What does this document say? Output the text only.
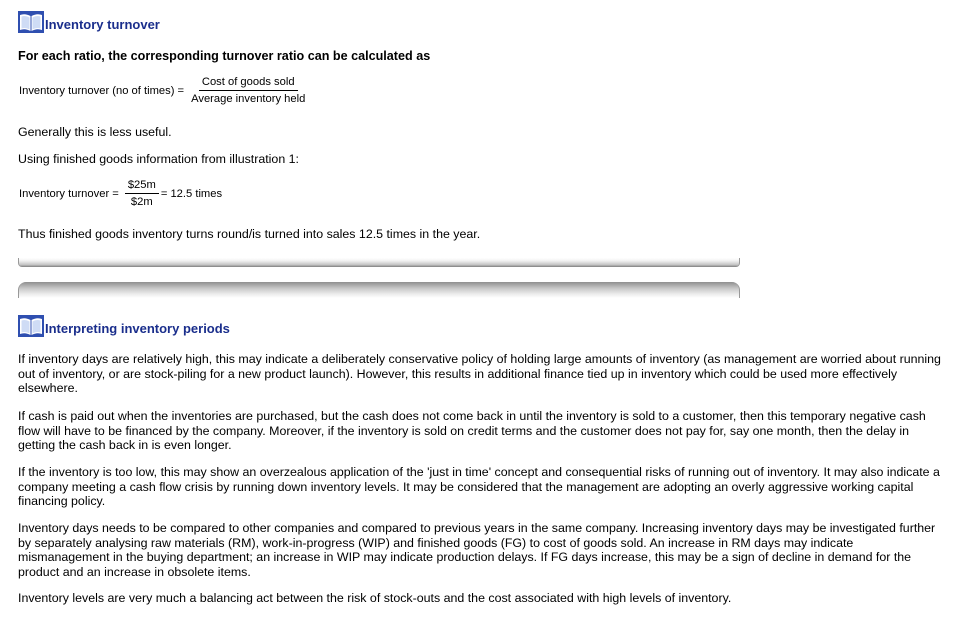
Inventory turnover

For each ratio, the corresponding turnover ratio can be calculated as

Inventory turnover (no of times) = $\frac{\text{Cost of goods sold}}{\text{Average inventory held}}$

Generally this is less useful.

Using finished goods information from illustration 1:

Inventory turnover = $\frac{\$25m}{\$2m} = 12.5$ times

Thus finished goods inventory turns round/is turned into sales 12.5 times in the year.

Interpreting inventory periods

If inventory days are relatively high, this may indicate a deliberately conservative policy of holding large amounts of inventory (as management are worried about running out of inventory, or are stock-piling for a new product launch). However, this results in additional finance tied up in inventory which could be used more effectively elsewhere.

If cash is paid out when the inventories are purchased, but the cash does not come back in until the inventory is sold to a customer, then this temporary negative cash flow will have to be financed by the company. Moreover, if the inventory is sold on credit terms and the customer does not pay for, say one month, then the delay in getting the cash back in is even longer.

If the inventory is too low, this may show an overzealous application of the 'just in time' concept and consequential risks of running out of inventory. It may also indicate a company meeting a cash flow crisis by running down inventory levels. It may be considered that the management are adopting an overly aggressive working capital financing policy.

Inventory days needs to be compared to other companies and compared to previous years in the same company. Increasing inventory days may be investigated further by separately analysing raw materials (RM), work-in-progress (WIP) and finished goods (FG) to cost of goods sold. An increase in RM days may indicate mismanagement in the buying department; an increase in WIP may indicate production delays. If FG days increase, this may be a sign of decline in demand for the product and an increase in obsolete items.

Inventory levels are very much a balancing act between the risk of stock-outs and the cost associated with high levels of inventory.
